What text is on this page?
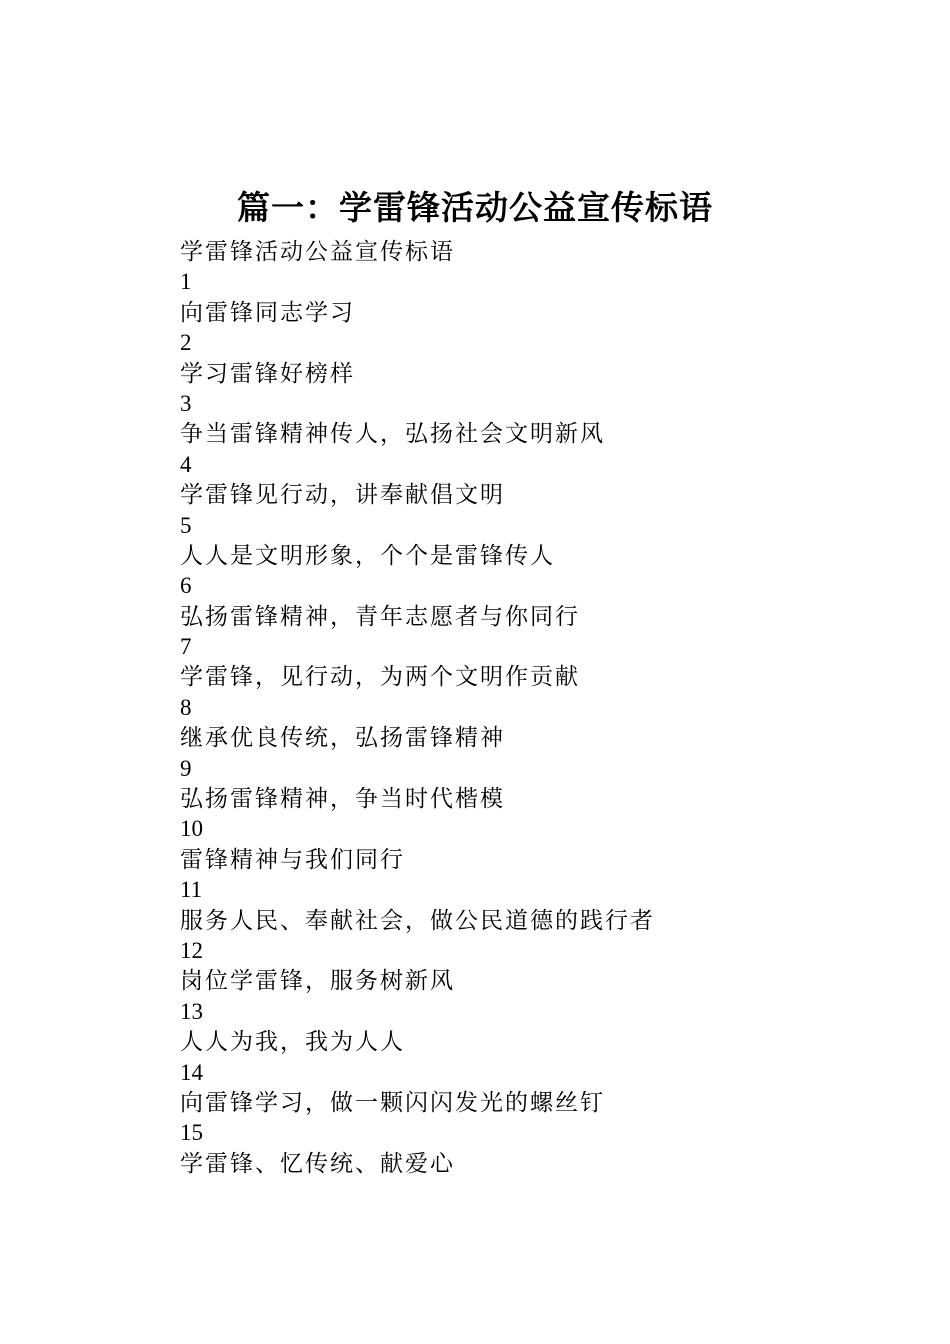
篇一：学雷锋活动公益宣传标语
学雷锋活动公益宣传标语
1
向雷锋同志学习
2
学习雷锋好榜样
3
争当雷锋精神传人，弘扬社会文明新风
4
学雷锋见行动，讲奉献倡文明
5
人人是文明形象，个个是雷锋传人
6
弘扬雷锋精神，青年志愿者与你同行
7
学雷锋，见行动，为两个文明作贡献
8
继承优良传统，弘扬雷锋精神
9
弘扬雷锋精神，争当时代楷模
10
雷锋精神与我们同行
11
服务人民、奉献社会，做公民道德的践行者
12
岗位学雷锋，服务树新风
13
人人为我，我为人人
14
向雷锋学习，做一颗闪闪发光的螺丝钉
15
学雷锋、忆传统、献爱心
